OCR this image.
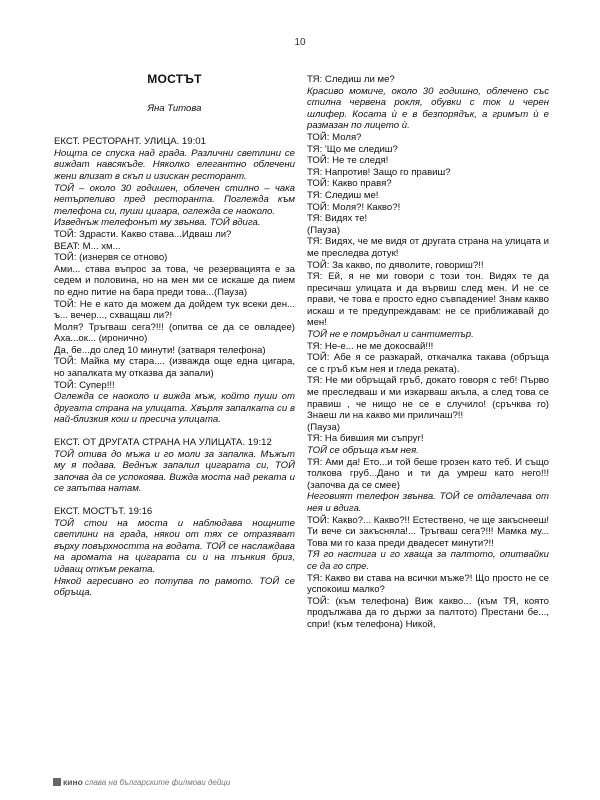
10
МОСТЪТ
Яна Титова

ЕКСТ. РЕСТОРАНТ. УЛИЦА. 19:01

Нощта се спуска над града. Различни светлини се виждат навсякъде. Няколко елегантно облечени жени влизат в скъп и изискан ресторант.

ТОЙ – около 30 годишен, облечен стилно – чака нетърпеливо пред ресторанта. Поглежда към телефона си, пуши цигара, оглежда се наоколо.

Изведнъж телефонът му звънва. ТОЙ вдига.

ТОЙ: Здрасти. Какво става...Идваш ли?

BEAT: М... хм...

ТОЙ: (изнервя се отново)

Ами... става въпрос за това, че резервацията е за седем и половина, но на мен ми се искаше да пием по едно питие на бара преди това...(Пауза)

ТОЙ: Не е като да можем да дойдем тук всеки ден... ъ... вечер..., схващаш ли?!

Моля? Тръгваш сега?!!! (опитва се да се овладее) Аха...ок... (иронично)

Да, бе...до след 10 минути! (затваря телефона)

ТОЙ: Майка му стара.... (изважда още една цигара, но запалката му отказва да запали)

ТОЙ: Супер!!!

Оглежда се наоколо и вижда мъж, който пуши от другата страна на улицата. Хвърля запалката си в най-близкия кош и пресича улицата.

ЕКСТ. ОТ ДРУГАТА СТРАНА НА УЛИЦАТА. 19:12

ТОЙ отива до мъжа и го моли за запалка. Мъжът му я подава. Веднъж запалил цигарата си, ТОЙ започва да се успокоява. Вижда моста над реката и се запътва натам.

ЕКСТ. МОСТЪТ. 19:16

ТОЙ стои на моста и наблюдава нощните светлини на града, някои от тях се отразяват върху повърхността на водата. ТОЙ се наслаждава на аромата на цигарата си и на тънкия бриз, идващ откъм реката.

Някой агресивно го потупва по рамото. ТОЙ се обръща.

ТЯ: Следиш ли ме?

Красиво момиче, около 30 годишно, облечено със стилна червена рокля, обувки с ток и черен шлифер. Косата ѝ е в безпорядък, а гримът ѝ е размазан по лицето ѝ.

ТОЙ: Моля?

ТЯ: 'Що ме следиш?

ТОЙ: Не те следя!

ТЯ: Напротив! Защо го правиш?

ТОЙ: Какво правя?

ТЯ: Следиш ме!

ТОЙ: Моля?! Какво?!

ТЯ: Видях те!

(Пауза)

ТЯ: Видях, че ме видя от другата страна на улицата и ме преследва дотук!

ТОЙ: За какво, по дяволите, говориш?!!

ТЯ: Ей, я не ми говори с този тон. Видях те да пресичаш улицата и да вървиш след мен. И не се прави, че това е просто едно съвпадение! Знам какво искаш и те предупреждавам: не се приближавай до мен!

ТОЙ не е помръднал и сантиметър.

ТЯ: Не-е... не ме докосвай!!!

ТОЙ: Абе я се разкарай, откачалка такава (обръща се с гръб към нея и гледа реката).

ТЯ: Не ми обръщай гръб, докато говоря с теб! Първо ме преследваш и ми изкарваш акъла, а след това се правиш , че нищо не се е случило! (сръчква го) Знаеш ли на какво ми приличаш?!!

(Пауза)

ТЯ: На бившия ми съпруг!

ТОЙ се обръща към нея.

ТЯ: Ами да! Ето...и той беше грозен като теб. И също толкова груб...Дано и ти да умреш като него!!! (започва да се смее)

Неговият телефон звънва. ТОЙ се отдалечава от нея и вдига.

ТОЙ: Какво?... Какво?!! Естествено, че ще закъснееш! Ти вече си закъсняла!... Тръгваш сега?!!! Мамка му... Това ми го каза преди двадесет минути?!!

ТЯ го настига и го хваща за палтото, опитвайки се да го спре.

ТЯ: Какво ви става на всички мъже?! Що просто не се успокоиш малко?

ТОЙ: (към телефона) Виж какво... (към ТЯ, която продължава да го държи за палтото) Престани бе..., спри! (към телефона) Никой,

кино слава на българските филмови дейци
